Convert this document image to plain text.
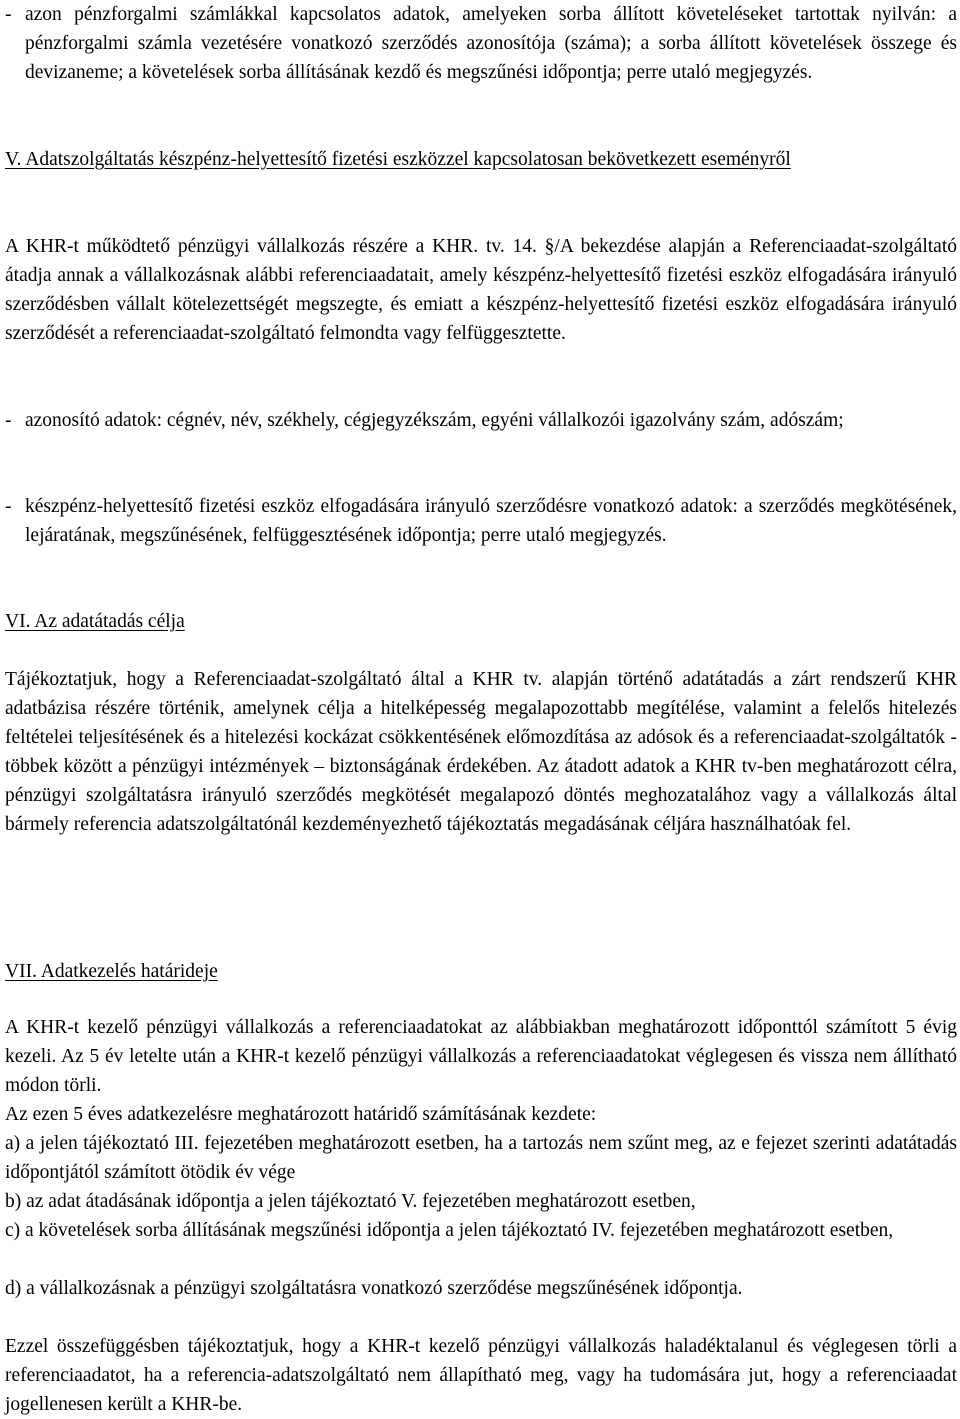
- azon pénzforgalmi számlákkal kapcsolatos adatok, amelyeken sorba állított követeléseket tartottak nyilván: a pénzforgalmi számla vezetésére vonatkozó szerződés azonosítója (száma); a sorba állított követelések összege és devizaneme; a követelések sorba állításának kezdő és megszűnési időpontja; perre utaló megjegyzés.
V. Adatszolgáltatás készpénz-helyettesítő fizetési eszközzel kapcsolatosan bekövetkezett eseményről
A KHR-t működtető pénzügyi vállalkozás részére a KHR. tv. 14. §/A bekezdése alapján a Referenciaadat-szolgáltató átadja annak a vállalkozásnak alábbi referenciaadatait, amely készpénz-helyettesítő fizetési eszköz elfogadására irányuló szerződésben vállalt kötelezettségét megszegte, és emiatt a készpénz-helyettesítő fizetési eszköz elfogadására irányuló szerződését a referenciaadat-szolgáltató felmondta vagy felfüggesztette.
- azonosító adatok: cégnév, név, székhely, cégjegyzékszám, egyéni vállalkozói igazolvány szám, adószám;
- készpénz-helyettesítő fizetési eszköz elfogadására irányuló szerződésre vonatkozó adatok: a szerződés megkötésének, lejáratának, megszűnésének, felfüggesztésének időpontja; perre utaló megjegyzés.
VI. Az adatátadás célja
Tájékoztatjuk, hogy a Referenciaadat-szolgáltató által a KHR tv. alapján történő adatátadás a zárt rendszerű KHR adatbázisa részére történik, amelynek célja a hitelképesség megalapozottabb megítélése, valamint a felelős hitelezés feltételei teljesítésének és a hitelezési kockázat csökkentésének előmozdítása az adósok és a referenciaadat-szolgáltatók - többek között a pénzügyi intézmények – biztonságának érdekében. Az átadott adatok a KHR tv-ben meghatározott célra, pénzügyi szolgáltatásra irányuló szerződés megkötését megalapozó döntés meghozatalához vagy a vállalkozás által bármely referencia adatszolgáltatónál kezdeményezhető tájékoztatás megadásának céljára használhatóak fel.
VII. Adatkezelés határideje
A KHR-t kezelő pénzügyi vállalkozás a referenciaadatokat az alábbiakban meghatározott időponttól számított 5 évig kezeli. Az 5 év letelte után a KHR-t kezelő pénzügyi vállalkozás a referenciaadatokat véglegesen és vissza nem állítható módon törli.
Az ezen 5 éves adatkezelésre meghatározott határidő számításának kezdete:
a) a jelen tájékoztató III. fejezetében meghatározott esetben, ha a tartozás nem szűnt meg, az e fejezet szerinti adatátadás időpontjától számított ötödik év vége
b) az adat átadásának időpontja a jelen tájékoztató V. fejezetében meghatározott esetben,
c) a követelések sorba állításának megszűnési időpontja a jelen tájékoztató IV. fejezetében meghatározott esetben,
d) a vállalkozásnak a pénzügyi szolgáltatásra vonatkozó szerződése megszűnésének időpontja.
Ezzel összefüggésben tájékoztatjuk, hogy a KHR-t kezelő pénzügyi vállalkozás haladéktalanul és véglegesen törli a referenciaadatot, ha a referencia-adatszolgáltató nem állapítható meg, vagy ha tudomására jut, hogy a referenciaadat jogellenesen került a KHR-be.
